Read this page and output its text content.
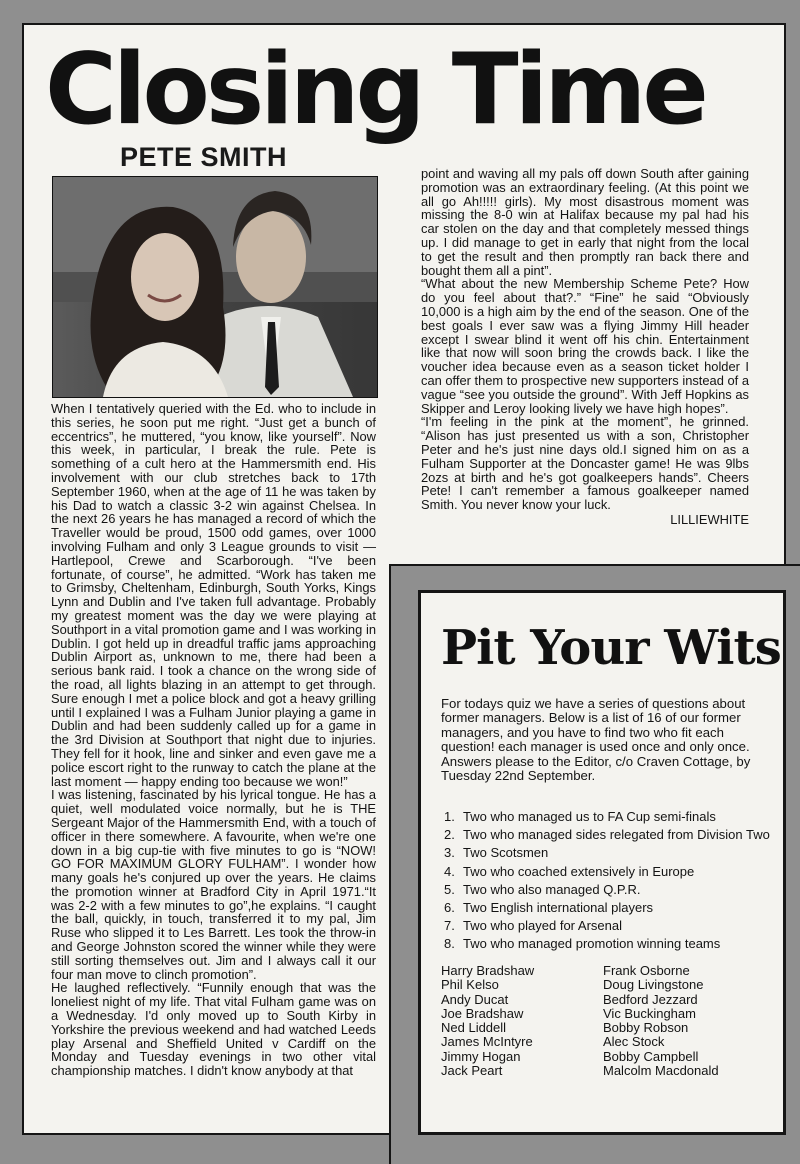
Closing Time
PETE SMITH

When I tentatively queried with the Ed. who to include in this series, he soon put me right. “Just get a bunch of eccentrics”, he muttered, “you know, like yourself”. Now this week, in particular, I break the rule. Pete is something of a cult hero at the Hammersmith end. His involvement with our club stretches back to 17th September 1960, when at the age of 11 he was taken by his Dad to watch a classic 3-2 win against Chelsea. In the next 26 years he has managed a record of which the Traveller would be proud, 1500 odd games, over 1000 involving Fulham and only 3 League grounds to visit — Hartlepool, Crewe and Scarborough. “I've been fortunate, of course”, he admitted. “Work has taken me to Grimsby, Cheltenham, Edinburgh, South Yorks, Kings Lynn and Dublin and I've taken full advantage. Probably my greatest moment was the day we were playing at Southport in a vital promotion game and I was working in Dublin. I got held up in dreadful traffic jams approaching Dublin Airport as, unknown to me, there had been a serious bank raid. I took a chance on the wrong side of the road, all lights blazing in an attempt to get through. Sure enough I met a police block and got a heavy grilling until I explained I was a Fulham Junior playing a game in Dublin and had been suddenly called up for a game in the 3rd Division at Southport that night due to injuries. They fell for it hook, line and sinker and even gave me a police escort right to the runway to catch the plane at the last moment — happy ending too because we won!”

I was listening, fascinated by his lyrical tongue. He has a quiet, well modulated voice normally, but he is THE Sergeant Major of the Hammersmith End, with a touch of officer in there somewhere. A favourite, when we're one down in a big cup-tie with five minutes to go is “NOW! GO FOR MAXIMUM GLORY FULHAM”. I wonder how many goals he's conjured up over the years. He claims the promotion winner at Bradford City in April 1971.“It was 2-2 with a few minutes to go”,he explains. “I caught the ball, quickly, in touch, transferred it to my pal, Jim Ruse who slipped it to Les Barrett. Les took the throw-in and George Johnston scored the winner while they were still sorting themselves out. Jim and I always call it our four man move to clinch promotion”.

He laughed reflectively. “Funnily enough that was the loneliest night of my life. That vital Fulham game was on a Wednesday. I'd only moved up to South Kirby in Yorkshire the previous weekend and had watched Leeds play Arsenal and Sheffield United v Cardiff on the Monday and Tuesday evenings in two other vital championship matches. I didn't know anybody at that

point and waving all my pals off down South after gaining promotion was an extraordinary feeling. (At this point we all go Ah!!!!! girls). My most disastrous moment was missing the 8-0 win at Halifax because my pal had his car stolen on the day and that completely messed things up. I did manage to get in early that night from the local to get the result and then promptly ran back there and bought them all a pint”.

“What about the new Membership Scheme Pete? How do you feel about that?.” “Fine” he said “Obviously 10,000 is a high aim by the end of the season. One of the best goals I ever saw was a flying Jimmy Hill header except I swear blind it went off his chin. Entertainment like that now will soon bring the crowds back. I like the voucher idea because even as a season ticket holder I can offer them to prospective new supporters instead of a vague “see you outside the ground”. With Jeff Hopkins as Skipper and Leroy looking lively we have high hopes”.

“I'm feeling in the pink at the moment”, he grinned. “Alison has just presented us with a son, Christopher Peter and he's just nine days old.I signed him on as a Fulham Supporter at the Doncaster game! He was 9lbs 2ozs at birth and he's got goalkeepers hands”. Cheers Pete! I can't remember a famous goalkeeper named Smith. You never know your luck.

LILLIEWHITE
Pit Your Wits
For todays quiz we have a series of questions about former managers. Below is a list of 16 of our former managers, and you have to find two who fit each question! each manager is used once and only once. Answers please to the Editor, c/o Craven Cottage, by Tuesday 22nd September.
1. Two who managed us to FA Cup semi-finals
2. Two who managed sides relegated from Division Two
3. Two Scotsmen
4. Two who coached extensively in Europe
5. Two who also managed Q.P.R.
6. Two English international players
7. Two who played for Arsenal
8. Two who managed promotion winning teams
Harry Bradshaw
Phil Kelso
Andy Ducat
Joe Bradshaw
Ned Liddell
James McIntyre
Jimmy Hogan
Jack Peart
Frank Osborne
Doug Livingstone
Bedford Jezzard
Vic Buckingham
Bobby Robson
Alec Stock
Bobby Campbell
Malcolm Macdonald
